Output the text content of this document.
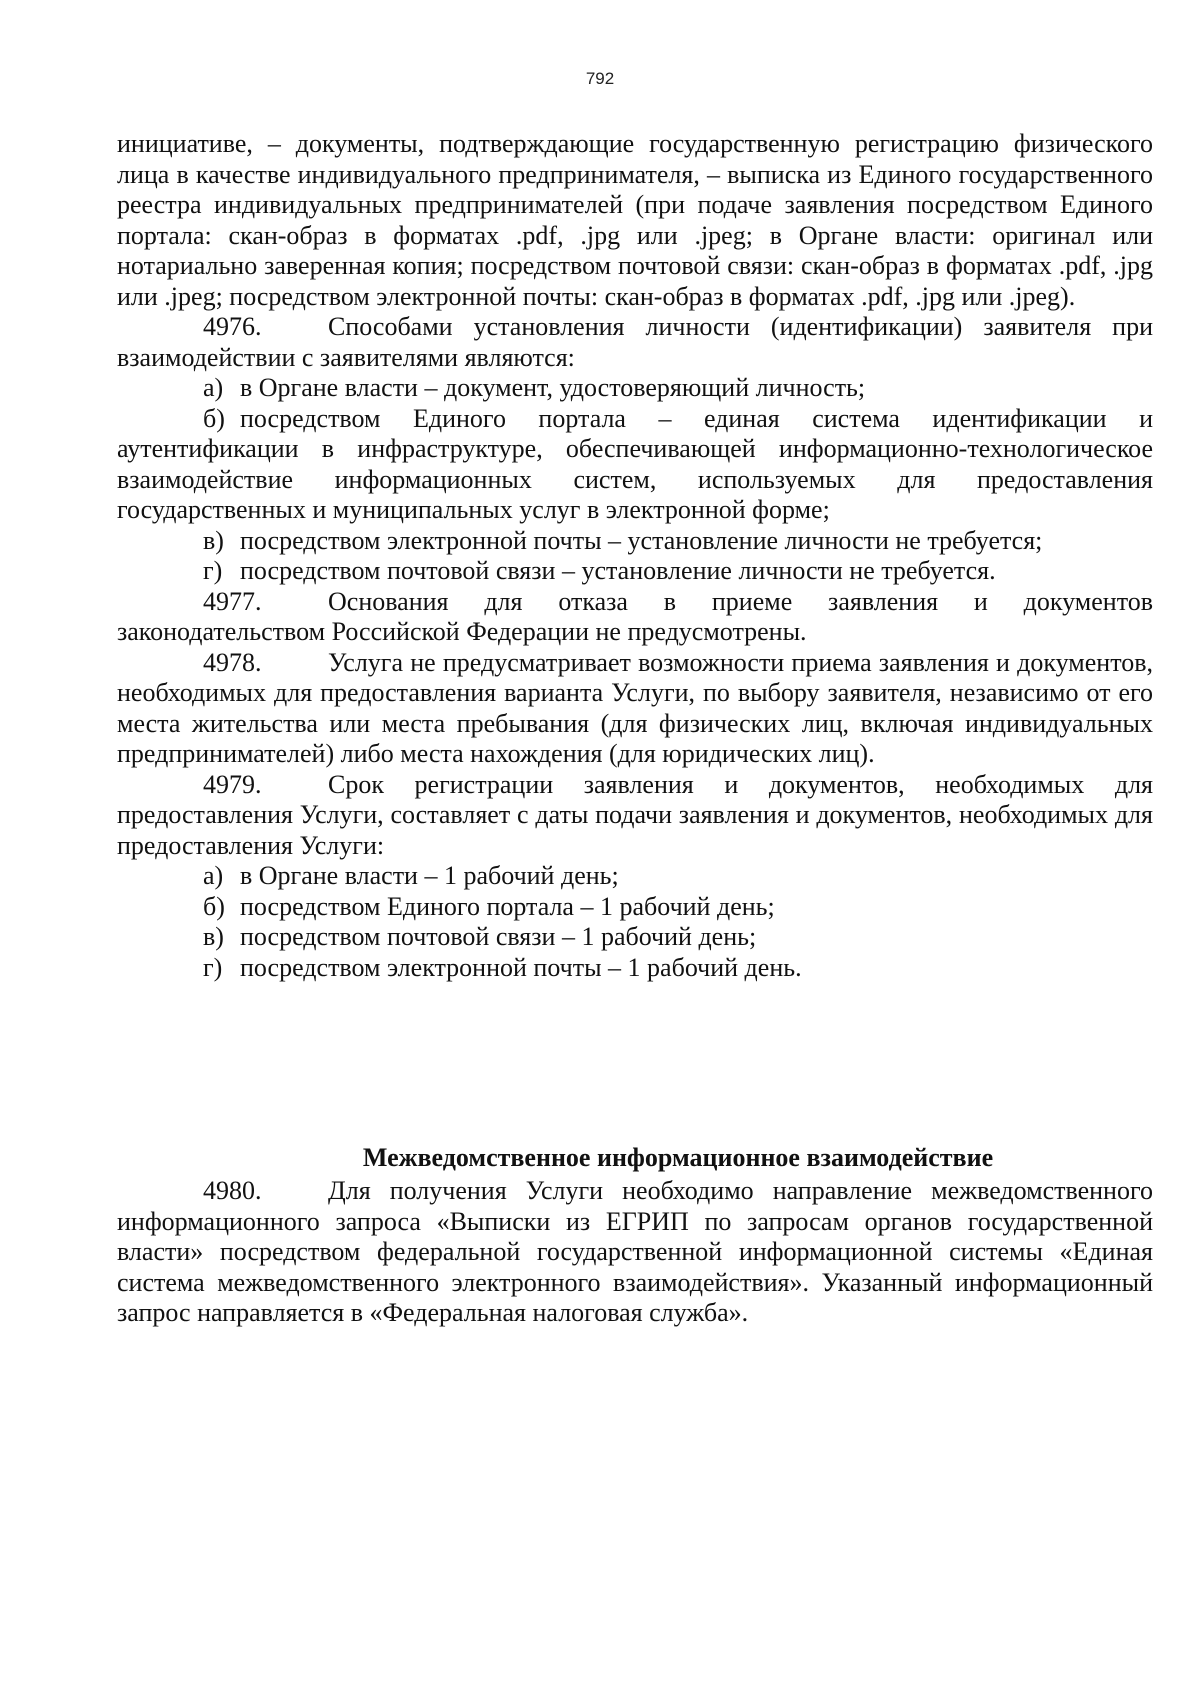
792

инициативе, – документы, подтверждающие государственную регистрацию физического лица в качестве индивидуального предпринимателя, – выписка из Единого государственного реестра индивидуальных предпринимателей (при подаче заявления посредством Единого портала: скан-образ в форматах .pdf, .jpg или .jpeg; в Органе власти: оригинал или нотариально заверенная копия; посредством почтовой связи: скан-образ в форматах .pdf, .jpg или .jpeg; посредством электронной почты: скан-образ в форматах .pdf, .jpg или .jpeg).

4976.	Способами установления личности (идентификации) заявителя при взаимодействии с заявителями являются:

а) в Органе власти – документ, удостоверяющий личность;

б) посредством Единого портала – единая система идентификации и аутентификации в инфраструктуре, обеспечивающей информационно-технологическое взаимодействие информационных систем, используемых для предоставления государственных и муниципальных услуг в электронной форме;

в) посредством электронной почты – установление личности не требуется;

г) посредством почтовой связи – установление личности не требуется.

4977.	Основания для отказа в приеме заявления и документов законодательством Российской Федерации не предусмотрены.

4978.	Услуга не предусматривает возможности приема заявления и документов, необходимых для предоставления варианта Услуги, по выбору заявителя, независимо от его места жительства или места пребывания (для физических лиц, включая индивидуальных предпринимателей) либо места нахождения (для юридических лиц).

4979.	Срок регистрации заявления и документов, необходимых для предоставления Услуги, составляет с даты подачи заявления и документов, необходимых для предоставления Услуги:

а) в Органе власти – 1 рабочий день;

б) посредством Единого портала – 1 рабочий день;

в) посредством почтовой связи – 1 рабочий день;

г) посредством электронной почты – 1 рабочий день.

Межведомственное информационное взаимодействие

4980.	Для получения Услуги необходимо направление межведомственного информационного запроса «Выписки из ЕГРИП по запросам органов государственной власти» посредством федеральной государственной информационной системы «Единая система межведомственного электронного взаимодействия». Указанный информационный запрос направляется в «Федеральная налоговая служба».
